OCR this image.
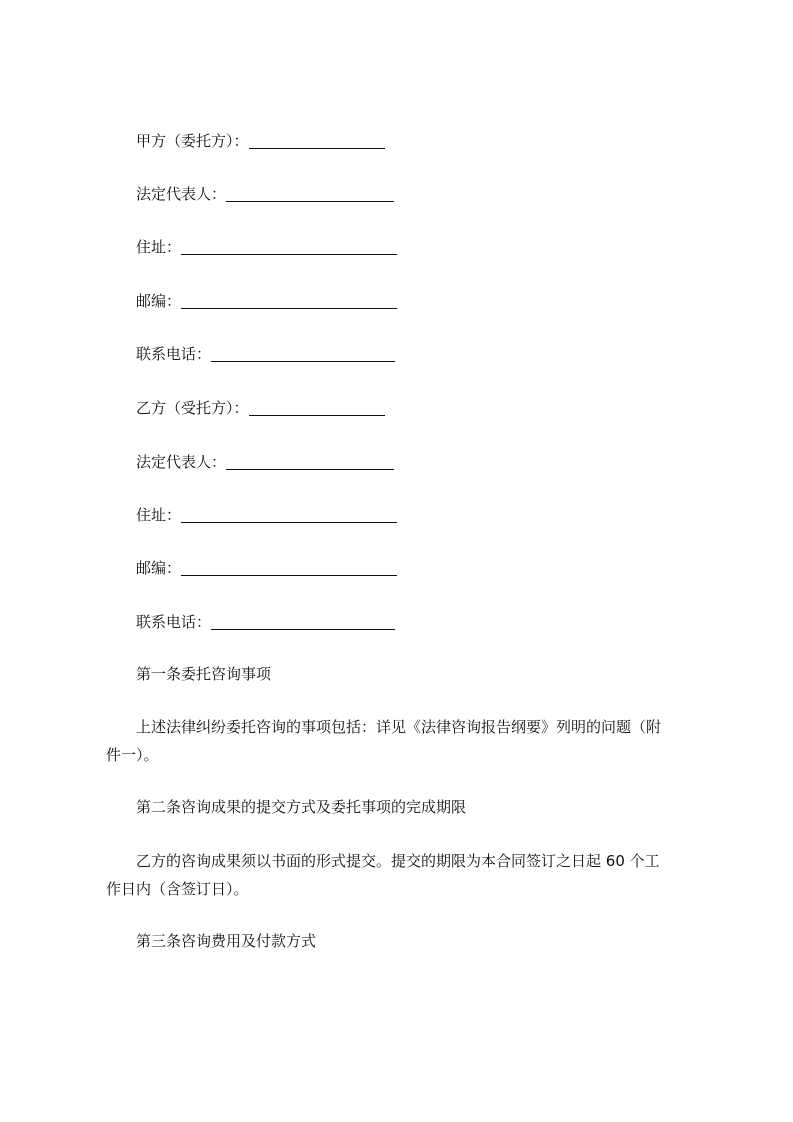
甲方（委托方）：
法定代表人：
住址：
邮编：
联系电话：
乙方（受托方）：
法定代表人：
住址：
邮编：
联系电话：
第一条委托咨询事项
上述法律纠纷委托咨询的事项包括：详见《法律咨询报告纲要》列明的问题（附件一）。
第二条咨询成果的提交方式及委托事项的完成期限
乙方的咨询成果须以书面的形式提交。提交的期限为本合同签订之日起 60 个工作日内（含签订日）。
第三条咨询费用及付款方式
